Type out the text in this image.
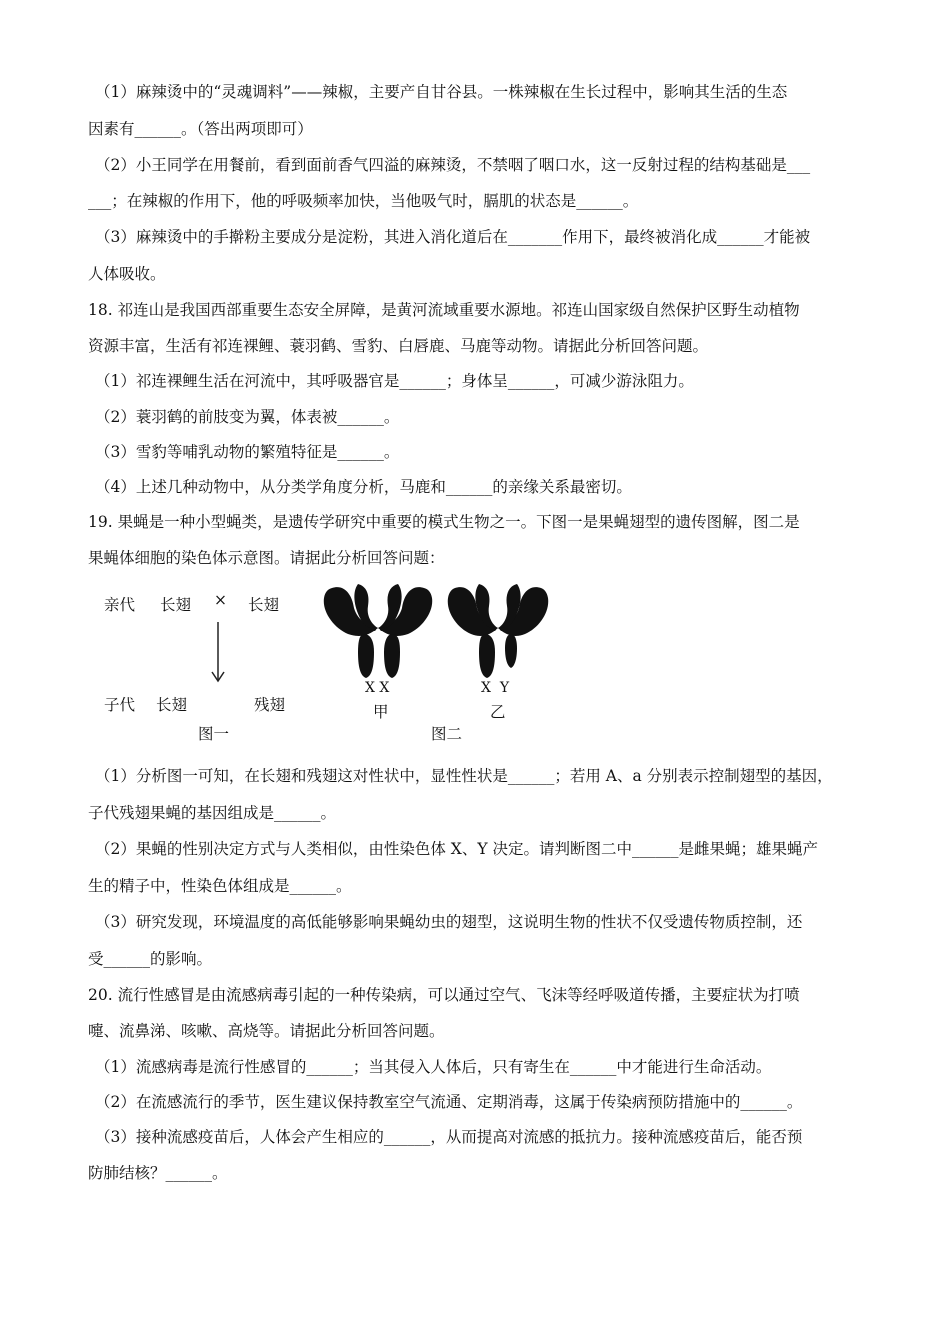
（1）麻辣烫中的“灵魂调料”——辣椒，主要产自甘谷县。一株辣椒在生长过程中，影响其生活的生态
因素有______。（答出两项即可）
（2）小王同学在用餐前，看到面前香气四溢的麻辣烫，不禁咽了咽口水，这一反射过程的结构基础是___
___；在辣椒的作用下，他的呼吸频率加快，当他吸气时，膈肌的状态是______。
（3）麻辣烫中的手擀粉主要成分是淀粉，其进入消化道后在_______作用下，最终被消化成______才能被
人体吸收。
18. 祁连山是我国西部重要生态安全屏障，是黄河流域重要水源地。祁连山国家级自然保护区野生动植物
资源丰富，生活有祁连裸鲤、蓑羽鹤、雪豹、白唇鹿、马鹿等动物。请据此分析回答问题。
（1）祁连裸鲤生活在河流中，其呼吸器官是______；身体呈______，可减少游泳阻力。
（2）蓑羽鹤的前肢变为翼，体表被______。
（3）雪豹等哺乳动物的繁殖特征是______。
（4）上述几种动物中，从分类学角度分析，马鹿和______的亲缘关系最密切。
19. 果蝇是一种小型蝇类，是遗传学研究中重要的模式生物之一。下图一是果蝇翅型的遗传图解，图二是
果蝇体细胞的染色体示意图。请据此分析回答问题：
亲代 长翅 × 长翅
子代 长翅	残翅
图一
X X
甲
X  Y
乙
图二
（1）分析图一可知，在长翅和残翅这对性状中，显性性状是______；若用 A、a 分别表示控制翅型的基因，
子代残翅果蝇的基因组成是______。
（2）果蝇的性别决定方式与人类相似，由性染色体 X、Y 决定。请判断图二中______是雌果蝇；雄果蝇产
生的精子中，性染色体组成是______。
（3）研究发现，环境温度的高低能够影响果蝇幼虫的翅型，这说明生物的性状不仅受遗传物质控制，还
受______的影响。
20. 流行性感冒是由流感病毒引起的一种传染病，可以通过空气、飞沫等经呼吸道传播，主要症状为打喷
嚏、流鼻涕、咳嗽、高烧等。请据此分析回答问题。
（1）流感病毒是流行性感冒的______；当其侵入人体后，只有寄生在______中才能进行生命活动。
（2）在流感流行的季节，医生建议保持教室空气流通、定期消毒，这属于传染病预防措施中的______。
（3）接种流感疫苗后，人体会产生相应的______，从而提高对流感的抵抗力。接种流感疫苗后，能否预
防肺结核？______。
